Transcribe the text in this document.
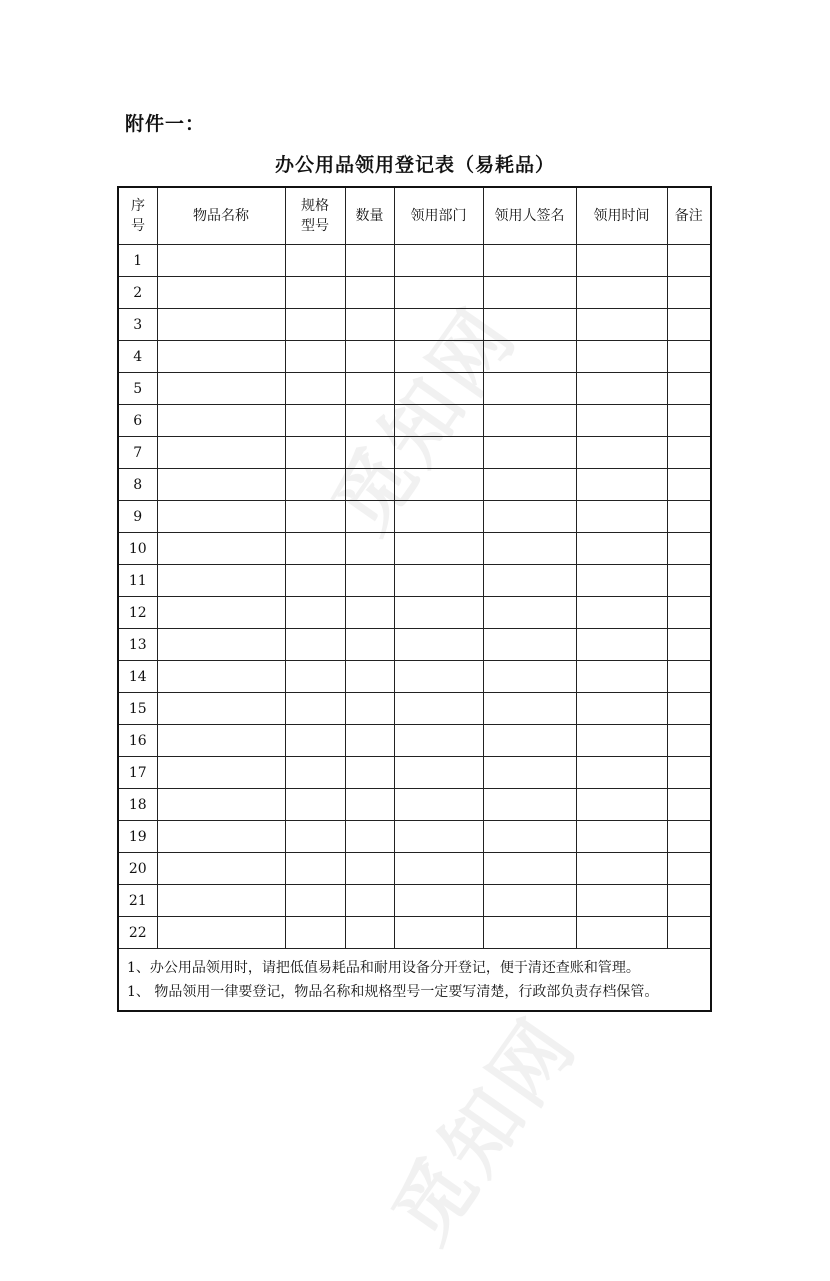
觅知网
觅知网
附件一：
办公用品领用登记表（易耗品）
序号	物品名称	规格型号	数量	领用部门	领用人签名	领用时间	备注
1							
2							
3							
4							
5							
6							
7							
8							
9							
10							
11							
12							
13							
14							
15							
16							
17							
18							
19							
20							
21							
22							
1、办公用品领用时，请把低值易耗品和耐用设备分开登记，便于清还查账和管理。
1、 物品领用一律要登记，物品名称和规格型号一定要写清楚，行政部负责存档保管。
